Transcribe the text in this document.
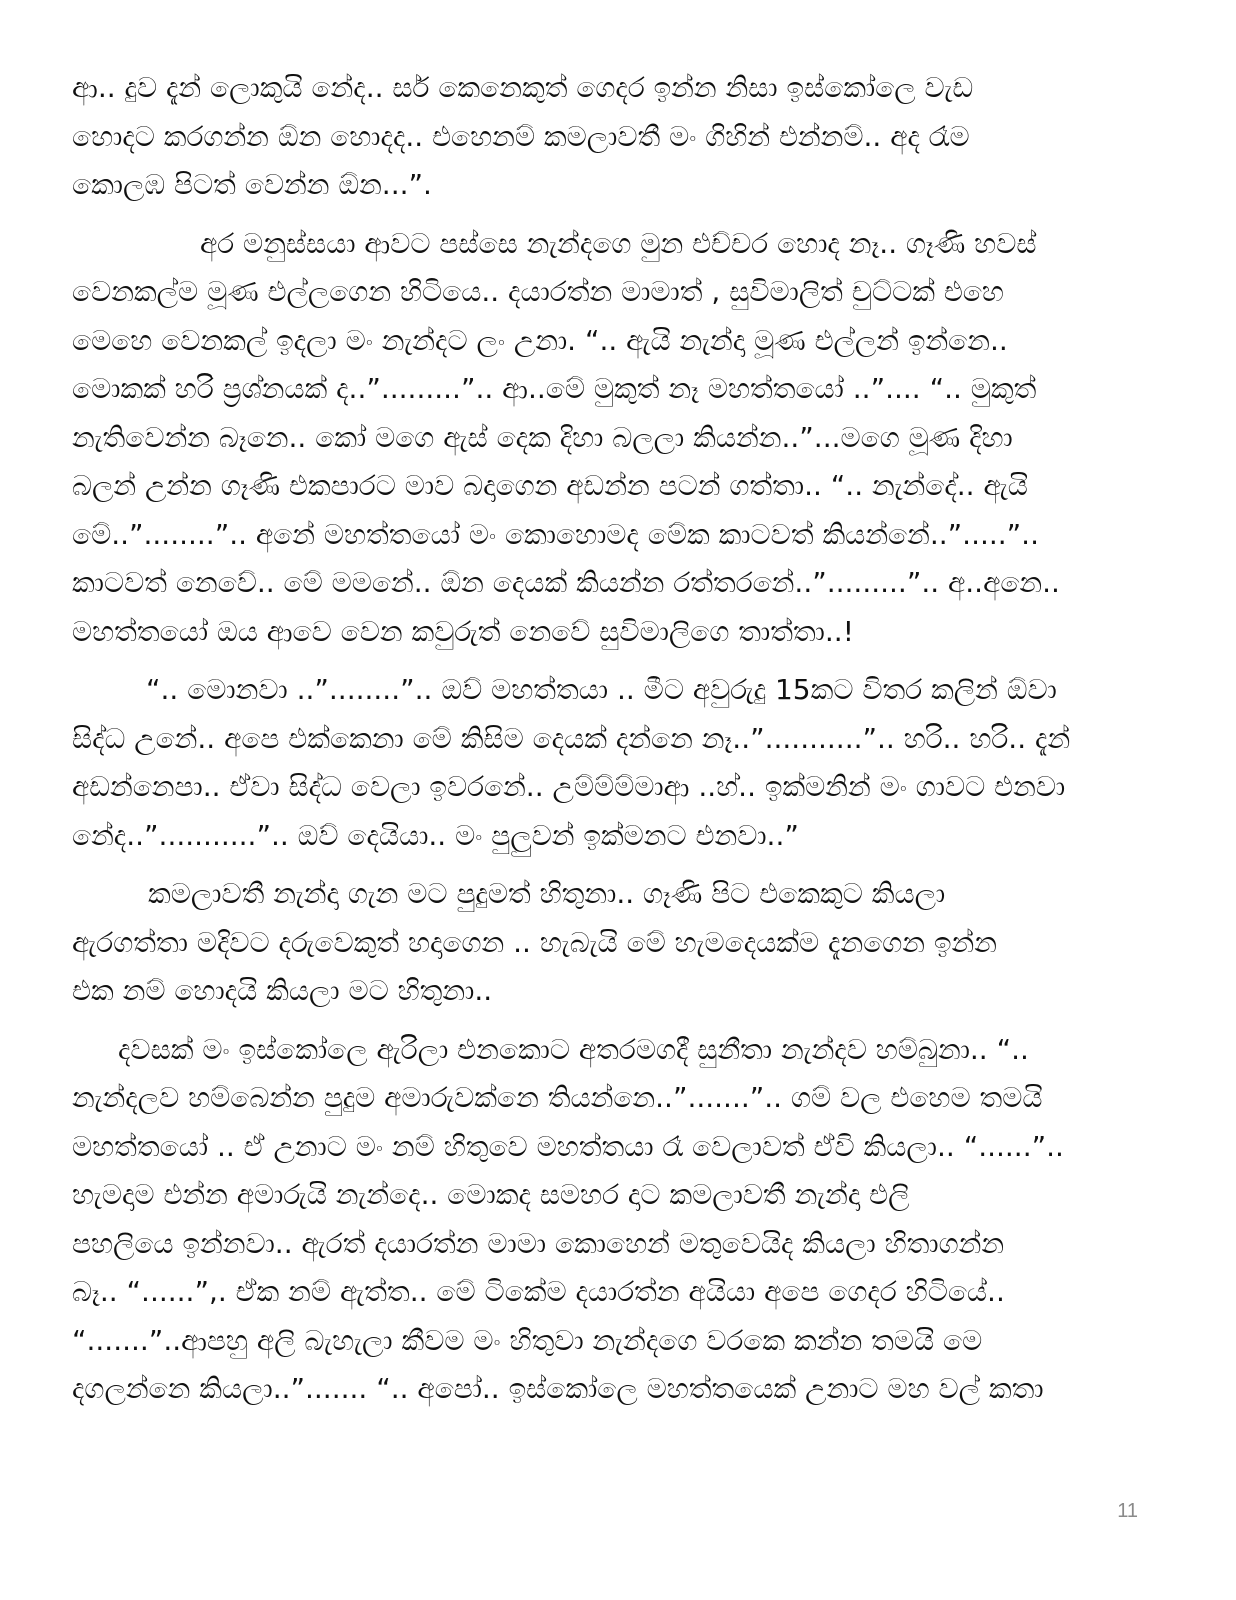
ආ.. දුව දැන් ලොකුයි නේද.. සර් කෙනෙකුත් ගෙදර ඉන්න නිසා ඉස්කෝලෙ වැඩ
හොදට කරගන්න ඕන හොදද.. එහෙනම් කමලාවතී මං ගිහින් එන්නම්.. අද රෑම
කොලඹ පිටත් වෙන්න ඕන...”.
අර මනුස්සයා ආවට පස්සෙ නැන්දගෙ මුන එච්චර හොද නෑ.. ගෑණි හවස්
වෙනකල්ම මූණ එල්ලගෙන හිටියෙ.. දයාරත්න මාමාත් , සුවිමාලිත් චුට්ටක් එහෙ
මෙහෙ වෙනකල් ඉදලා මං නැන්දට ලං උනා. “.. ඇයි නැන්දා මූණ එල්ලන් ඉන්නෙ..
මොකක් හරි ප්‍රශ්නයක් ද..”.........”.. ආ..මේ මුකුත් නෑ මහත්තයෝ ..”.... “.. මුකුත්
නැතිවෙන්න බෑනෙ.. කෝ මගෙ ඇස් දෙක දිහා බලලා කියන්න..”...මගෙ මූණ දිහා
බලන් උන්න ගෑණි එකපාරට මාව බදාගෙන අඩන්න පටන් ගත්තා.. “.. නැන්දේ.. ඇයි
මේ..”........”.. අනේ මහත්තයෝ මං කොහොමද මේක කාටවත් කියන්නේ..”.....”..
කාටවත් නෙවේ.. මේ මමනේ.. ඕන දෙයක් කියන්න රත්තරනේ..”.........”.. අ..අනෙ..
මහත්තයෝ ඔය ආවෙ වෙන කවුරුත් නෙවේ සුවිමාලිගෙ තාත්තා..!
“.. මොනවා ..”........”.. ඔව් මහත්තයා .. මීට අවුරුදු 15කට විතර කලින් ඕවා
සිද්ධ උනේ.. අපෙ එක්කෙනා මේ කිසිම දෙයක් දන්නෙ නෑ..”...........”.. හරි.. හරි.. දැන්
අඩන්නෙපා.. ඒවා සිද්ධ වෙලා ඉවරනේ.. උම්ම්ම්මාආ ..හ්.. ඉක්මනින් මං ගාවට එනවා
නේද..”...........”.. ඔව් දෙයියා.. මං පුලුවන් ඉක්මනට එනවා..”
කමලාවතී නැන්දා ගැන මට පුදුමත් හිතුනා.. ගෑණි පිට එකෙකුට කියලා
ඇරගත්තා මදිවට දරුවෙකුත් හදාගෙන .. හැබැයි මේ හැමදෙයක්ම දැනගෙන ඉන්න
එක නම් හොදයි කියලා මට හිතුනා..
දවසක් මං ඉස්කෝලෙ ඇරිලා එනකොට අතරමගදී සුනීතා නැන්දව හම්බුනා.. “..
නැන්දලව හම්බෙන්න පුදුම අමාරුවක්නෙ තියන්නෙ..”.......”.. ගම් වල එහෙම තමයි
මහත්තයෝ .. ඒ උනාට මං නම් හිතුවෙ මහත්තයා රෑ වෙලාවත් ඒවි කියලා.. “......”..
හැමදාම එන්න අමාරුයි නැන්දෙ.. මොකද සමහර දාට කමලාවතී නැන්දා එලි
පහලියෙ ඉන්නවා.. ඇරත් දයාරත්න මාමා කොහෙන් මතුවෙයිද කියලා හිතාගන්න
බෑ.. “......”,. ඒක නම් ඇත්ත.. මේ ටිකේම දයාරත්න අයියා අපෙ ගෙදර හිටියේ..
“.......”..ආපහු අලි බැහැලා කීවම මං හිතුවා නැන්දගෙ වරකෙ කන්න තමයි මෙ
දගලන්නෙ කියලා..”....... “.. අපෝ.. ඉස්කෝලෙ මහත්තයෙක් උනාට මහ වල් කතා
11
